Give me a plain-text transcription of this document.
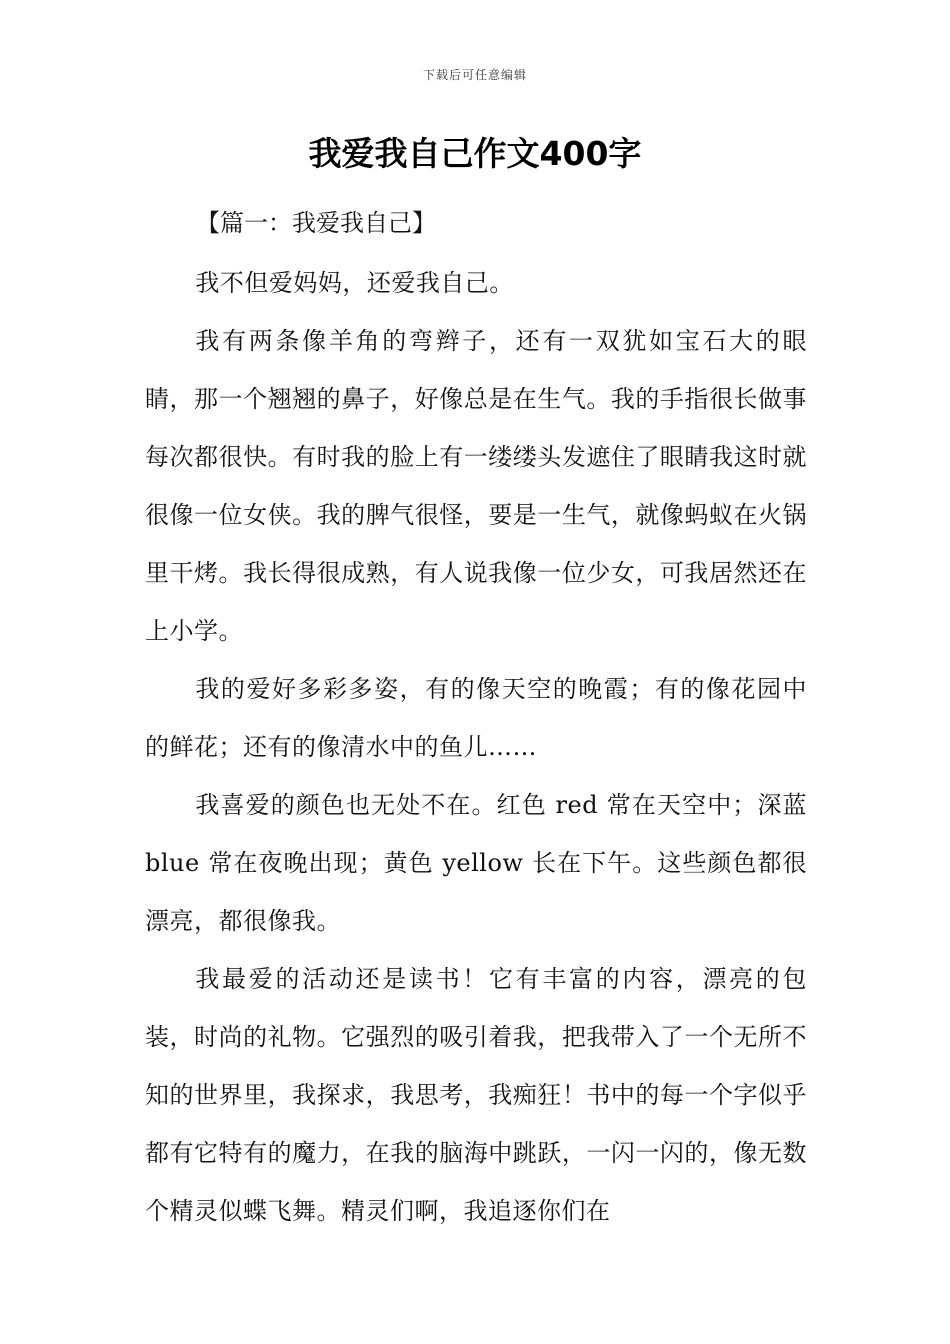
下载后可任意编辑
我爱我自己作文400字

【篇一：我爱我自己】

我不但爱妈妈，还爱我自己。

我有两条像羊角的弯辫子，还有一双犹如宝石大的眼睛，那一个翘翘的鼻子，好像总是在生气。我的手指很长做事每次都很快。有时我的脸上有一缕缕头发遮住了眼睛我这时就很像一位女侠。我的脾气很怪，要是一生气，就像蚂蚁在火锅里干烤。我长得很成熟，有人说我像一位少女，可我居然还在上小学。

我的爱好多彩多姿，有的像天空的晚霞；有的像花园中的鲜花；还有的像清水中的鱼儿……

我喜爱的颜色也无处不在。红色 red 常在天空中；深蓝 blue 常在夜晚出现；黄色 yellow 长在下午。这些颜色都很漂亮，都很像我。

我最爱的活动还是读书！它有丰富的内容，漂亮的包装，时尚的礼物。它强烈的吸引着我，把我带入了一个无所不知的世界里，我探求，我思考，我痴狂！书中的每一个字似乎都有它特有的魔力，在我的脑海中跳跃，一闪一闪的，像无数个精灵似蝶飞舞。精灵们啊，我追逐你们在
